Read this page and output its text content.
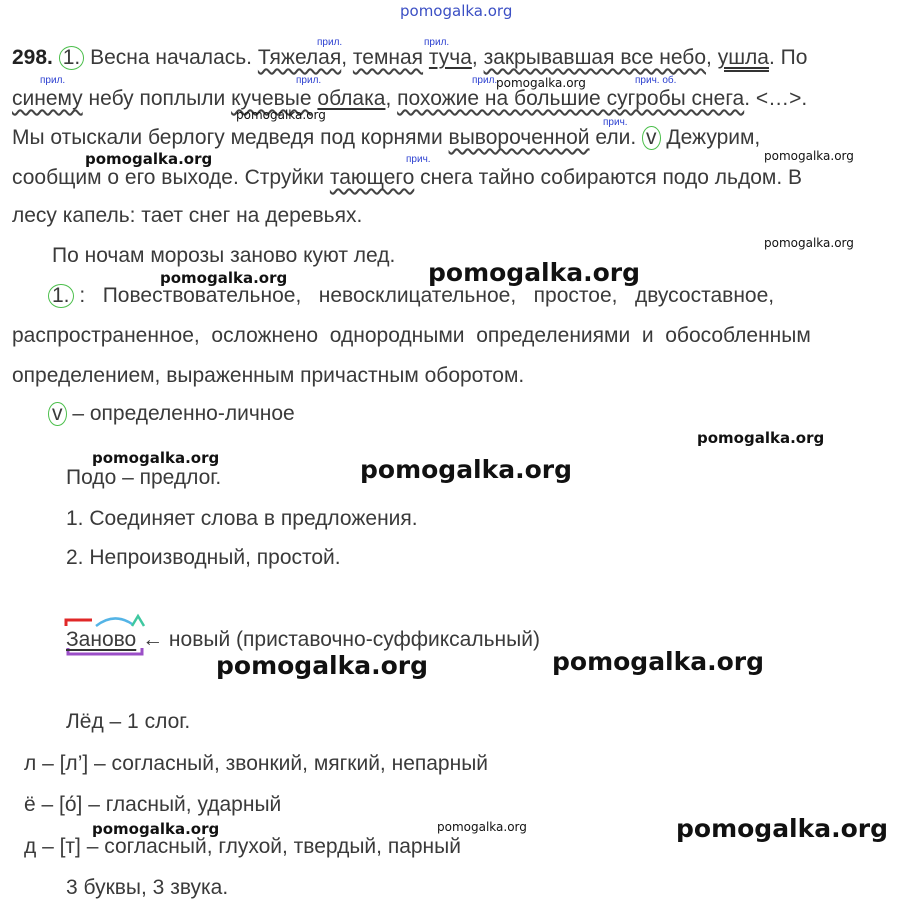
pomogalka.org
прил.	прил.
прил.	прил.	прил.	прич. об.
прич.
прич.
298. 1. Весна началась. Тяжелая, темная туча, закрывавшая все небо, ушла. По
синему небу поплыли кучевые облака, похожие на большие сугробы снега. <…>.
Мы отыскали берлогу медведя под корнями вывороченной ели. v Дежурим,
сообщим о его выходе. Струйки тающего снега тайно собираются подо льдом. В
лесу капель: тает снег на деревьях.
По ночам морозы заново куют лед.
1. :   Повествовательное,   невосклицательное,   простое,   двусоставное,
распространенное,  осложнено  однородными  определениями  и  обособленным
определением, выраженным причастным оборотом.
v – определенно-личное
Подо – предлог.
1. Соединяет слова в предложения.
2. Непроизводный, простой.
Заново ← новый (приставочно-суффиксальный)
Лёд – 1 слог.
л – [л’] – согласный, звонкий, мягкий, непарный
ё – [о́] – гласный, ударный
д – [т] – согласный, глухой, твердый, парный
3 буквы, 3 звука.
pomogalka.org
pomogalka.org
pomogalka.org	pomogalka.org
pomogalka.org
pomogalka.org	pomogalka.org
pomogalka.org
pomogalka.org	pomogalka.org
pomogalka.org	pomogalka.org
pomogalka.org	pomogalka.org	pomogalka.org
